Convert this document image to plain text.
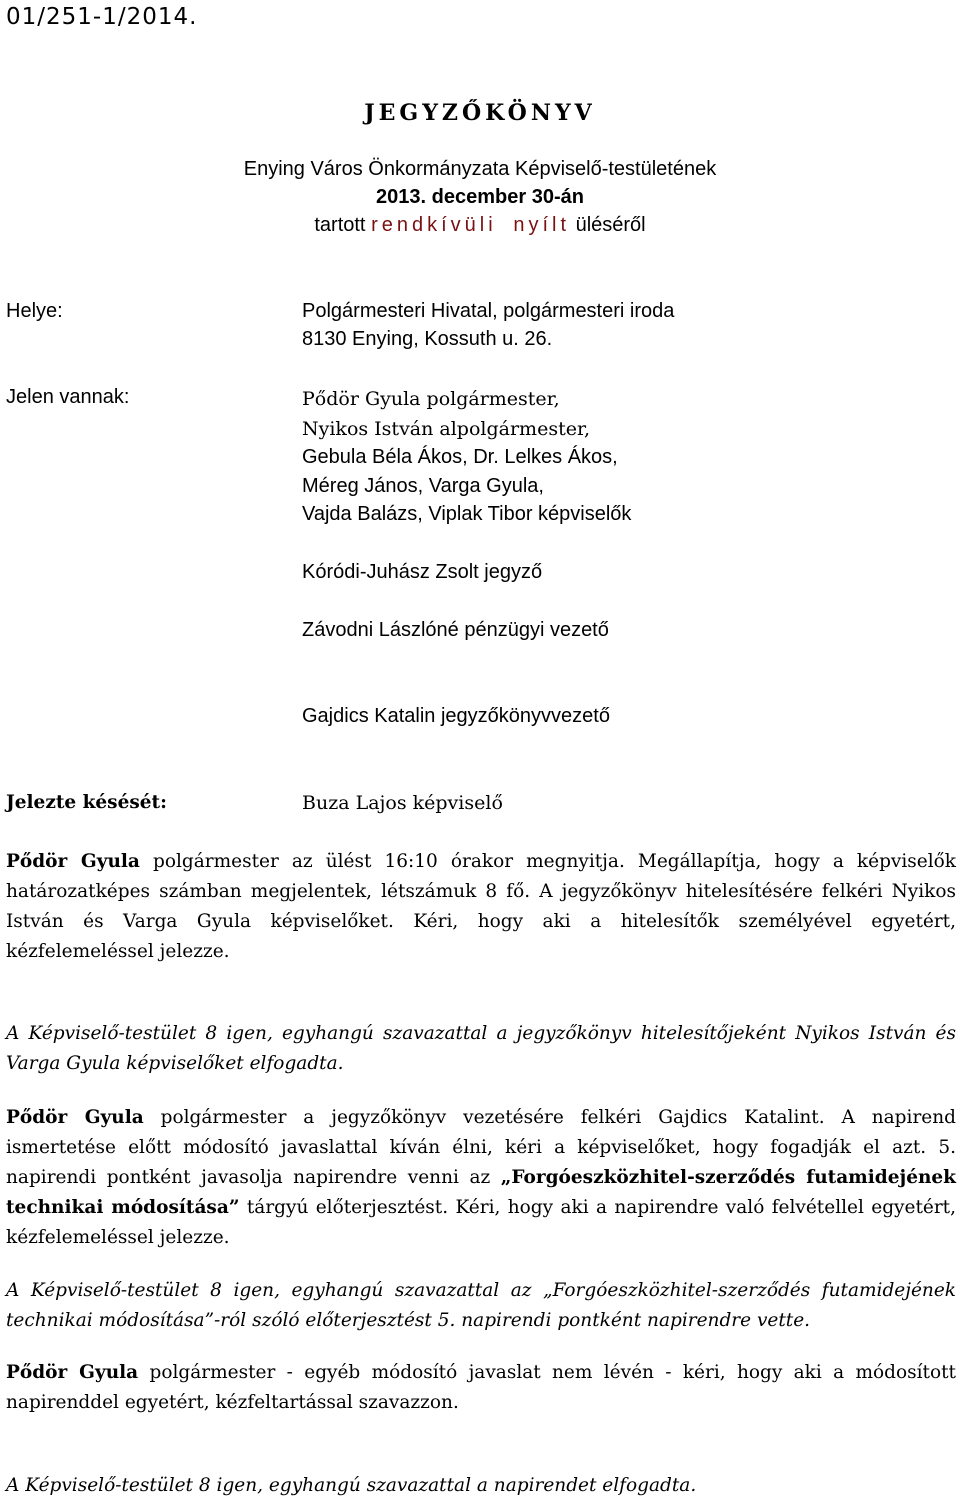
01/251-1/2014.
JEGYZŐKÖNYV
Enying Város Önkormányzata Képviselő-testületének
2013. december 30-án
tartott rendkívüli nyílt üléséről
Helye:	Polgármesteri Hivatal, polgármesteri iroda
8130 Enying, Kossuth u. 26.
Jelen vannak:	Pődör Gyula polgármester,
Nyikos István alpolgármester,
Gebula Béla Ákos, Dr. Lelkes Ákos,
Méreg János, Varga Gyula,
Vajda Balázs, Viplak Tibor képviselők
Kóródi-Juhász Zsolt jegyző
Závodni Lászlóné pénzügyi vezető
Gajdics Katalin jegyzőkönyvvezető
Jelezte késését:	Buza Lajos képviselő
Pődör Gyula polgármester az ülést 16:10 órakor megnyitja. Megállapítja, hogy a képviselők határozatképes számban megjelentek, létszámuk 8 fő. A jegyzőkönyv hitelesítésére felkéri Nyikos István és Varga Gyula képviselőket. Kéri, hogy aki a hitelesítők személyével egyetért, kézfelemeléssel jelezze.
A Képviselő-testület 8 igen, egyhangú szavazattal a jegyzőkönyv hitelesítőjeként Nyikos István és Varga Gyula képviselőket elfogadta.
Pődör Gyula polgármester a jegyzőkönyv vezetésére felkéri Gajdics Katalint. A napirend ismertetése előtt módosító javaslattal kíván élni, kéri a képviselőket, hogy fogadják el azt. 5. napirendi pontként javasolja napirendre venni az „Forgóeszközhitel-szerződés futamidejének technikai módosítása” tárgyú előterjesztést. Kéri, hogy aki a napirendre való felvétellel egyetért, kézfelemeléssel jelezze.
A Képviselő-testület 8 igen, egyhangú szavazattal az „Forgóeszközhitel-szerződés futamidejének technikai módosítása”-ról szóló előterjesztést 5. napirendi pontként napirendre vette.
Pődör Gyula polgármester - egyéb módosító javaslat nem lévén - kéri, hogy aki a módosított napirenddel egyetért, kézfeltartással szavazzon.
A Képviselő-testület 8 igen, egyhangú szavazattal a napirendet elfogadta.
